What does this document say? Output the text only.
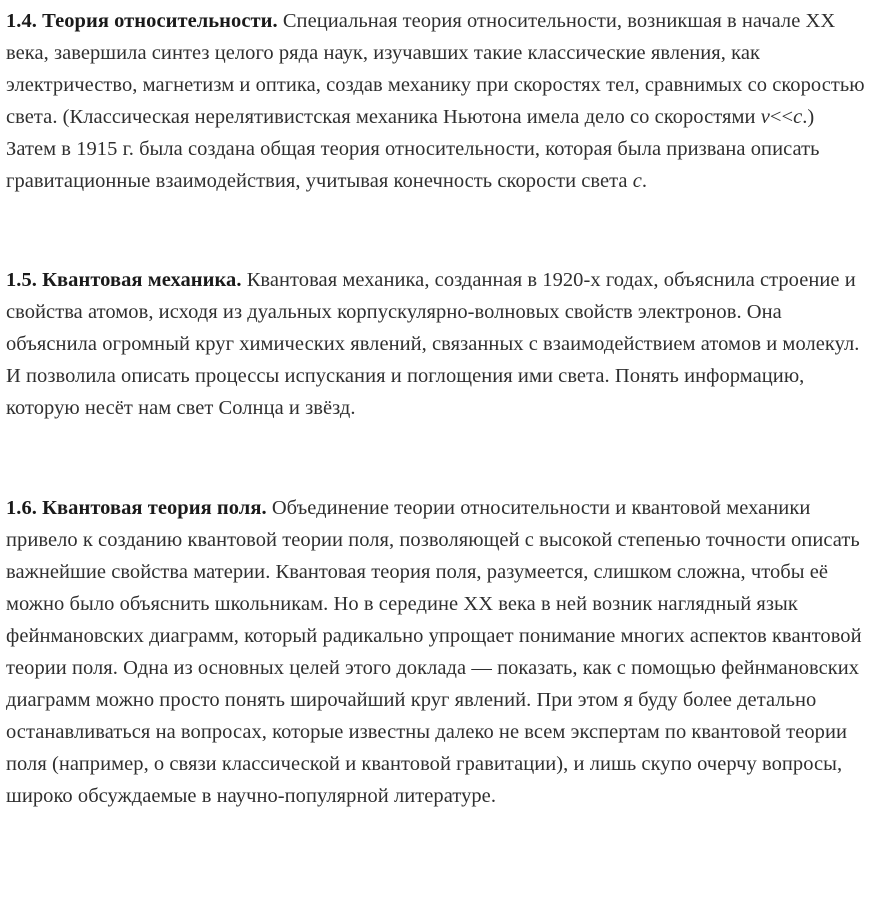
1.4. Теория относительности. Специальная теория относительности, возникшая в начале XX века, завершила синтез целого ряда наук, изучавших такие классические явления, как электричество, магнетизм и оптика, создав механику при скоростях тел, сравнимых со скоростью света. (Классическая нерелятивистская механика Ньютона имела дело со скоростями v<<c.) Затем в 1915 г. была создана общая теория относительности, которая была призвана описать гравитационные взаимодействия, учитывая конечность скорости света c.

1.5. Квантовая механика. Квантовая механика, созданная в 1920-х годах, объяснила строение и свойства атомов, исходя из дуальных корпускулярно-волновых свойств электронов. Она объяснила огромный круг химических явлений, связанных с взаимодействием атомов и молекул. И позволила описать процессы испускания и поглощения ими света. Понять информацию, которую несёт нам свет Солнца и звёзд.

1.6. Квантовая теория поля. Объединение теории относительности и квантовой механики привело к созданию квантовой теории поля, позволяющей с высокой степенью точности описать важнейшие свойства материи. Квантовая теория поля, разумеется, слишком сложна, чтобы её можно было объяснить школьникам. Но в середине XX века в ней возник наглядный язык фейнмановских диаграмм, который радикально упрощает понимание многих аспектов квантовой теории поля. Одна из основных целей этого доклада — показать, как с помощью фейнмановских диаграмм можно просто понять широчайший круг явлений. При этом я буду более детально останавливаться на вопросах, которые известны далеко не всем экспертам по квантовой теории поля (например, о связи классической и квантовой гравитации), и лишь скупо очерчу вопросы, широко обсуждаемые в научно-популярной литературе.
